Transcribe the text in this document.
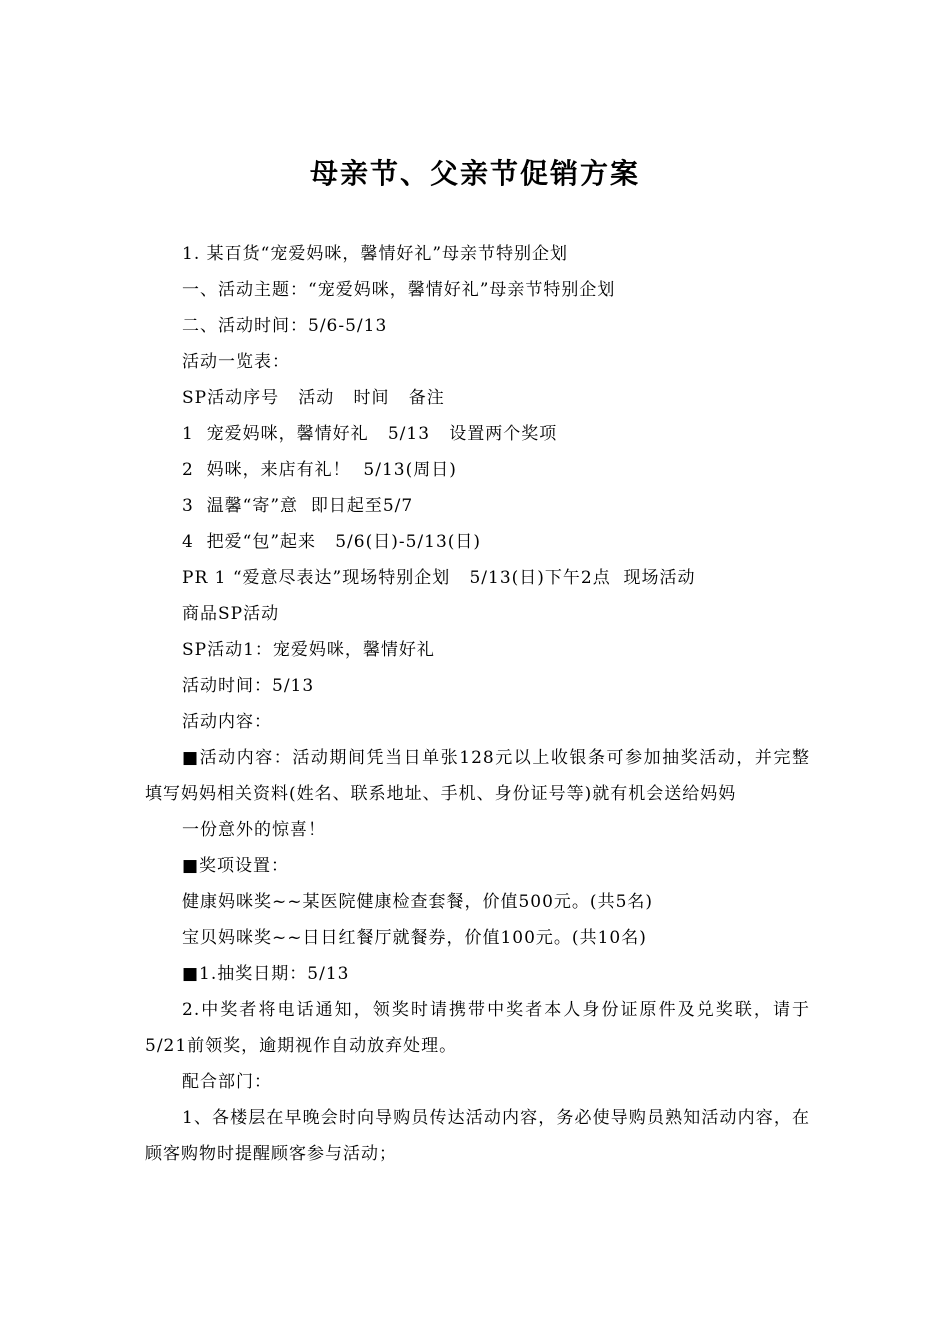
母亲节、父亲节促销方案
1. 某百货“宠爱妈咪，馨情好礼”母亲节特别企划
一、活动主题：“宠爱妈咪，馨情好礼”母亲节特别企划
二、活动时间：5/6-5/13
活动一览表：
SP活动序号   活动   时间   备注
1  宠爱妈咪，馨情好礼   5/13   设置两个奖项
2  妈咪，来店有礼！  5/13(周日)
3  温馨“寄”意  即日起至5/7
4  把爱“包”起来   5/6(日)-5/13(日)
PR 1 “爱意尽表达”现场特别企划   5/13(日)下午2点  现场活动
商品SP活动
SP活动1：宠爱妈咪，馨情好礼
活动时间：5/13
活动内容：
■活动内容：活动期间凭当日单张128元以上收银条可参加抽奖活动，并完整填写妈妈相关资料(姓名、联系地址、手机、身份证号等)就有机会送给妈妈
一份意外的惊喜！
■奖项设置：
健康妈咪奖~~某医院健康检查套餐，价值500元。(共5名)
宝贝妈咪奖~~日日红餐厅就餐券，价值100元。(共10名)
■1.抽奖日期：5/13
2.中奖者将电话通知，领奖时请携带中奖者本人身份证原件及兑奖联，请于5/21前领奖，逾期视作自动放弃处理。
配合部门：
1、各楼层在早晚会时向导购员传达活动内容，务必使导购员熟知活动内容，在顾客购物时提醒顾客参与活动；
